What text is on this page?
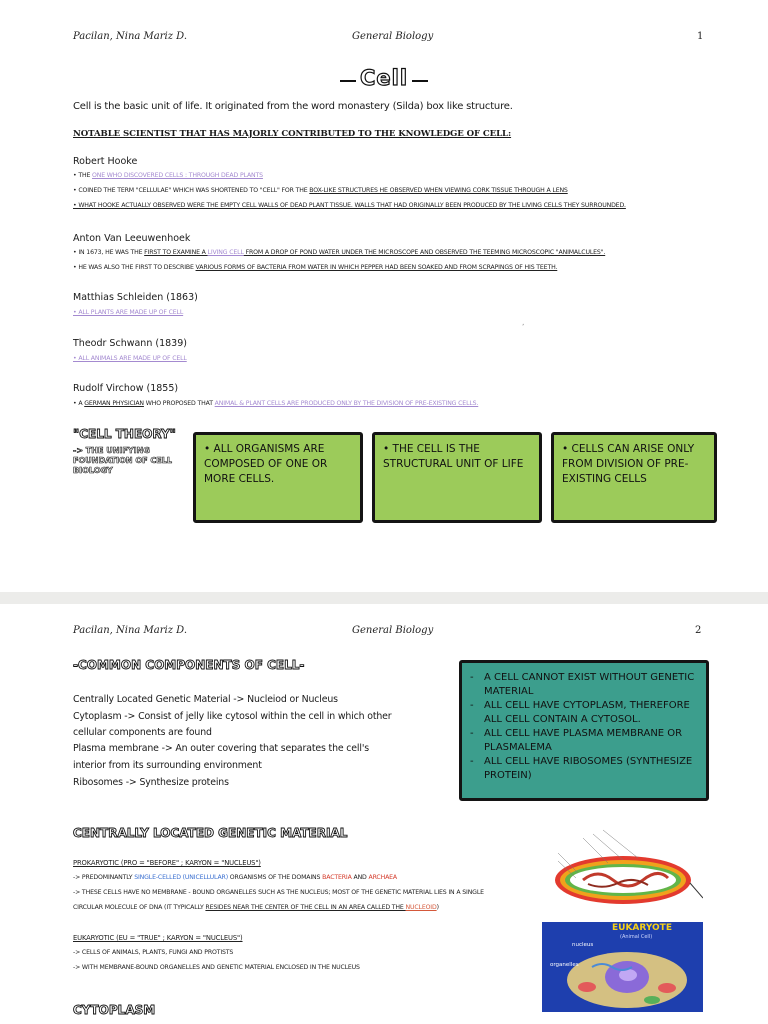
Pacilan, Nina Mariz D.	General Biology	1
Cell
Cell is the basic unit of life. It originated from the word monastery (Silda) box like structure.
NOTABLE SCIENTIST THAT HAS MAJORLY CONTRIBUTED TO THE KNOWLEDGE OF CELL:
Robert Hooke
• THE ONE WHO DISCOVERED CELLS : THROUGH DEAD PLANTS
• COINED THE TERM "CELLULAE" WHICH WAS SHORTENED TO "CELL" FOR THE BOX-LIKE STRUCTURES HE OBSERVED WHEN VIEWING CORK TISSUE THROUGH A LENS
• WHAT HOOKE ACTUALLY OBSERVED WERE THE EMPTY CELL WALLS OF DEAD PLANT TISSUE. WALLS THAT HAD ORIGINALLY BEEN PRODUCED BY THE LIVING CELLS THEY SURROUNDED.
Anton Van Leeuwenhoek
• IN 1673, HE WAS THE FIRST TO EXAMINE A LIVING CELL FROM A DROP OF POND WATER UNDER THE MICROSCOPE AND OBSERVED THE TEEMING MICROSCOPIC "ANIMALCULES".
• HE WAS ALSO THE FIRST TO DESCRIBE VARIOUS FORMS OF BACTERIA FROM WATER IN WHICH PEPPER HAD BEEN SOAKED AND FROM SCRAPINGS OF HIS TEETH.
Matthias Schleiden (1863)
• ALL PLANTS ARE MADE UP OF CELL
Theodr Schwann (1839)
• ALL ANIMALS ARE MADE UP OF CELL
Rudolf Virchow (1855)
• A GERMAN PHYSICIAN WHO PROPOSED THAT ANIMAL & PLANT CELLS ARE PRODUCED ONLY BY THE DIVISION OF PRE-EXISTING CELLS.
"CELL THEORY"
-> THE UNIFYING FOUNDATION OF CELL BIOLOGY
• ALL ORGANISMS ARE COMPOSED OF ONE OR MORE CELLS.
• THE CELL IS THE STRUCTURAL UNIT OF LIFE
• CELLS CAN ARISE ONLY FROM DIVISION OF PRE-EXISTING CELLS
ʼ
Pacilan, Nina Mariz D.	General Biology	2
-COMMON COMPONENTS OF CELL-
Centrally Located Genetic Material -> Nucleiod or Nucleus
Cytoplasm -> Consist of jelly like cytosol within the cell in which other
cellular components are found
Plasma membrane -> An outer covering that separates the cell's
interior from its surrounding environment
Ribosomes -> Synthesize proteins
- A CELL CANNOT EXIST WITHOUT GENETIC MATERIAL
- ALL CELL HAVE CYTOPLASM, THEREFORE ALL CELL CONTAIN A CYTOSOL.
- ALL CELL HAVE PLASMA MEMBRANE OR PLASMALEMA
- ALL CELL HAVE RIBOSOMES (SYNTHESIZE PROTEIN)
CENTRALLY LOCATED GENETIC MATERIAL
PROKARYOTIC (PRO = "BEFORE" ; KARYON = "NUCLEUS")
-> PREDOMINANTLY SINGLE-CELLED (UNICELLULAR) ORGANISMS OF THE DOMAINS BACTERIA AND ARCHAEA
-> THESE CELLS HAVE NO MEMBRANE - BOUND ORGANELLES SUCH AS THE NUCLEUS; MOST OF THE GENETIC MATERIAL LIES IN A SINGLE
CIRCULAR MOLECULE OF DNA (IT TYPICALLY RESIDES NEAR THE CENTER OF THE CELL IN AN AREA CALLED THE NUCLEOID)
EUKARYOTIC (EU = "TRUE" ; KARYON = "NUCLEUS")
-> CELLS OF ANIMALS, PLANTS, FUNGI AND PROTISTS
-> WITH MEMBRANE-BOUND ORGANELLES AND GENETIC MATERIAL ENCLOSED IN THE NUCLEUS
EUKARYOTE
(Animal Cell)
nucleus
organelles
CYTOPLASM
